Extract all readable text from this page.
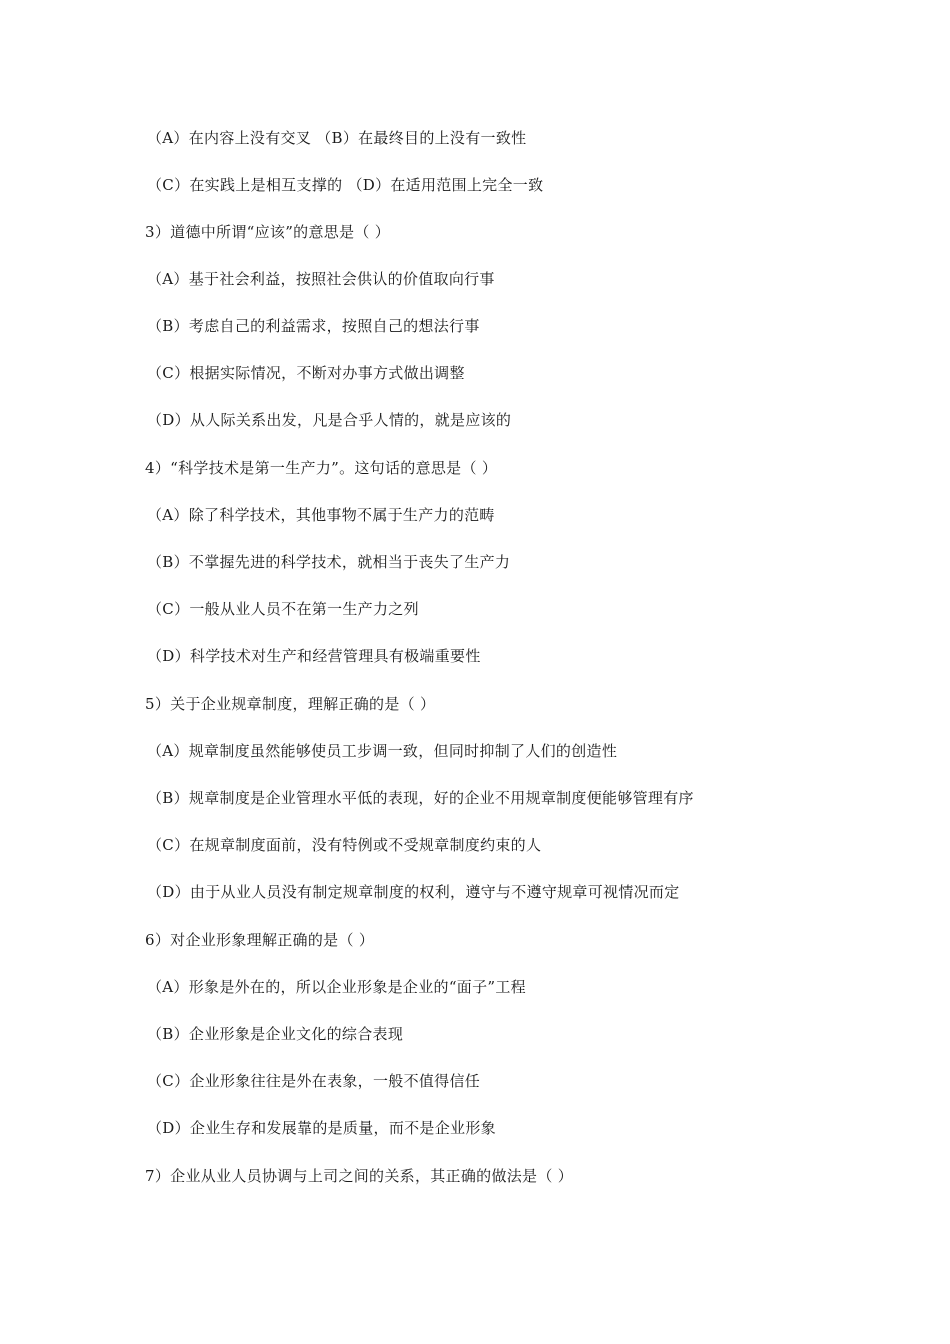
（A）在内容上没有交叉 （B）在最终目的上没有一致性
（C）在实践上是相互支撑的 （D）在适用范围上完全一致
3）道德中所谓“应该”的意思是（ ）
（A）基于社会利益，按照社会供认的价值取向行事
（B）考虑自己的利益需求，按照自己的想法行事
（C）根据实际情况，不断对办事方式做出调整
（D）从人际关系出发，凡是合乎人情的，就是应该的
4）“科学技术是第一生产力”。这句话的意思是（ ）
（A）除了科学技术，其他事物不属于生产力的范畴
（B）不掌握先进的科学技术，就相当于丧失了生产力
（C）一般从业人员不在第一生产力之列
（D）科学技术对生产和经营管理具有极端重要性
5）关于企业规章制度，理解正确的是（ ）
（A）规章制度虽然能够使员工步调一致，但同时抑制了人们的创造性
（B）规章制度是企业管理水平低的表现，好的企业不用规章制度便能够管理有序
（C）在规章制度面前，没有特例或不受规章制度约束的人
（D）由于从业人员没有制定规章制度的权利，遵守与不遵守规章可视情况而定
6）对企业形象理解正确的是（ ）
（A）形象是外在的，所以企业形象是企业的“面子”工程
（B）企业形象是企业文化的综合表现
（C）企业形象往往是外在表象，一般不值得信任
（D）企业生存和发展靠的是质量，而不是企业形象
7）企业从业人员协调与上司之间的关系，其正确的做法是（ ）
